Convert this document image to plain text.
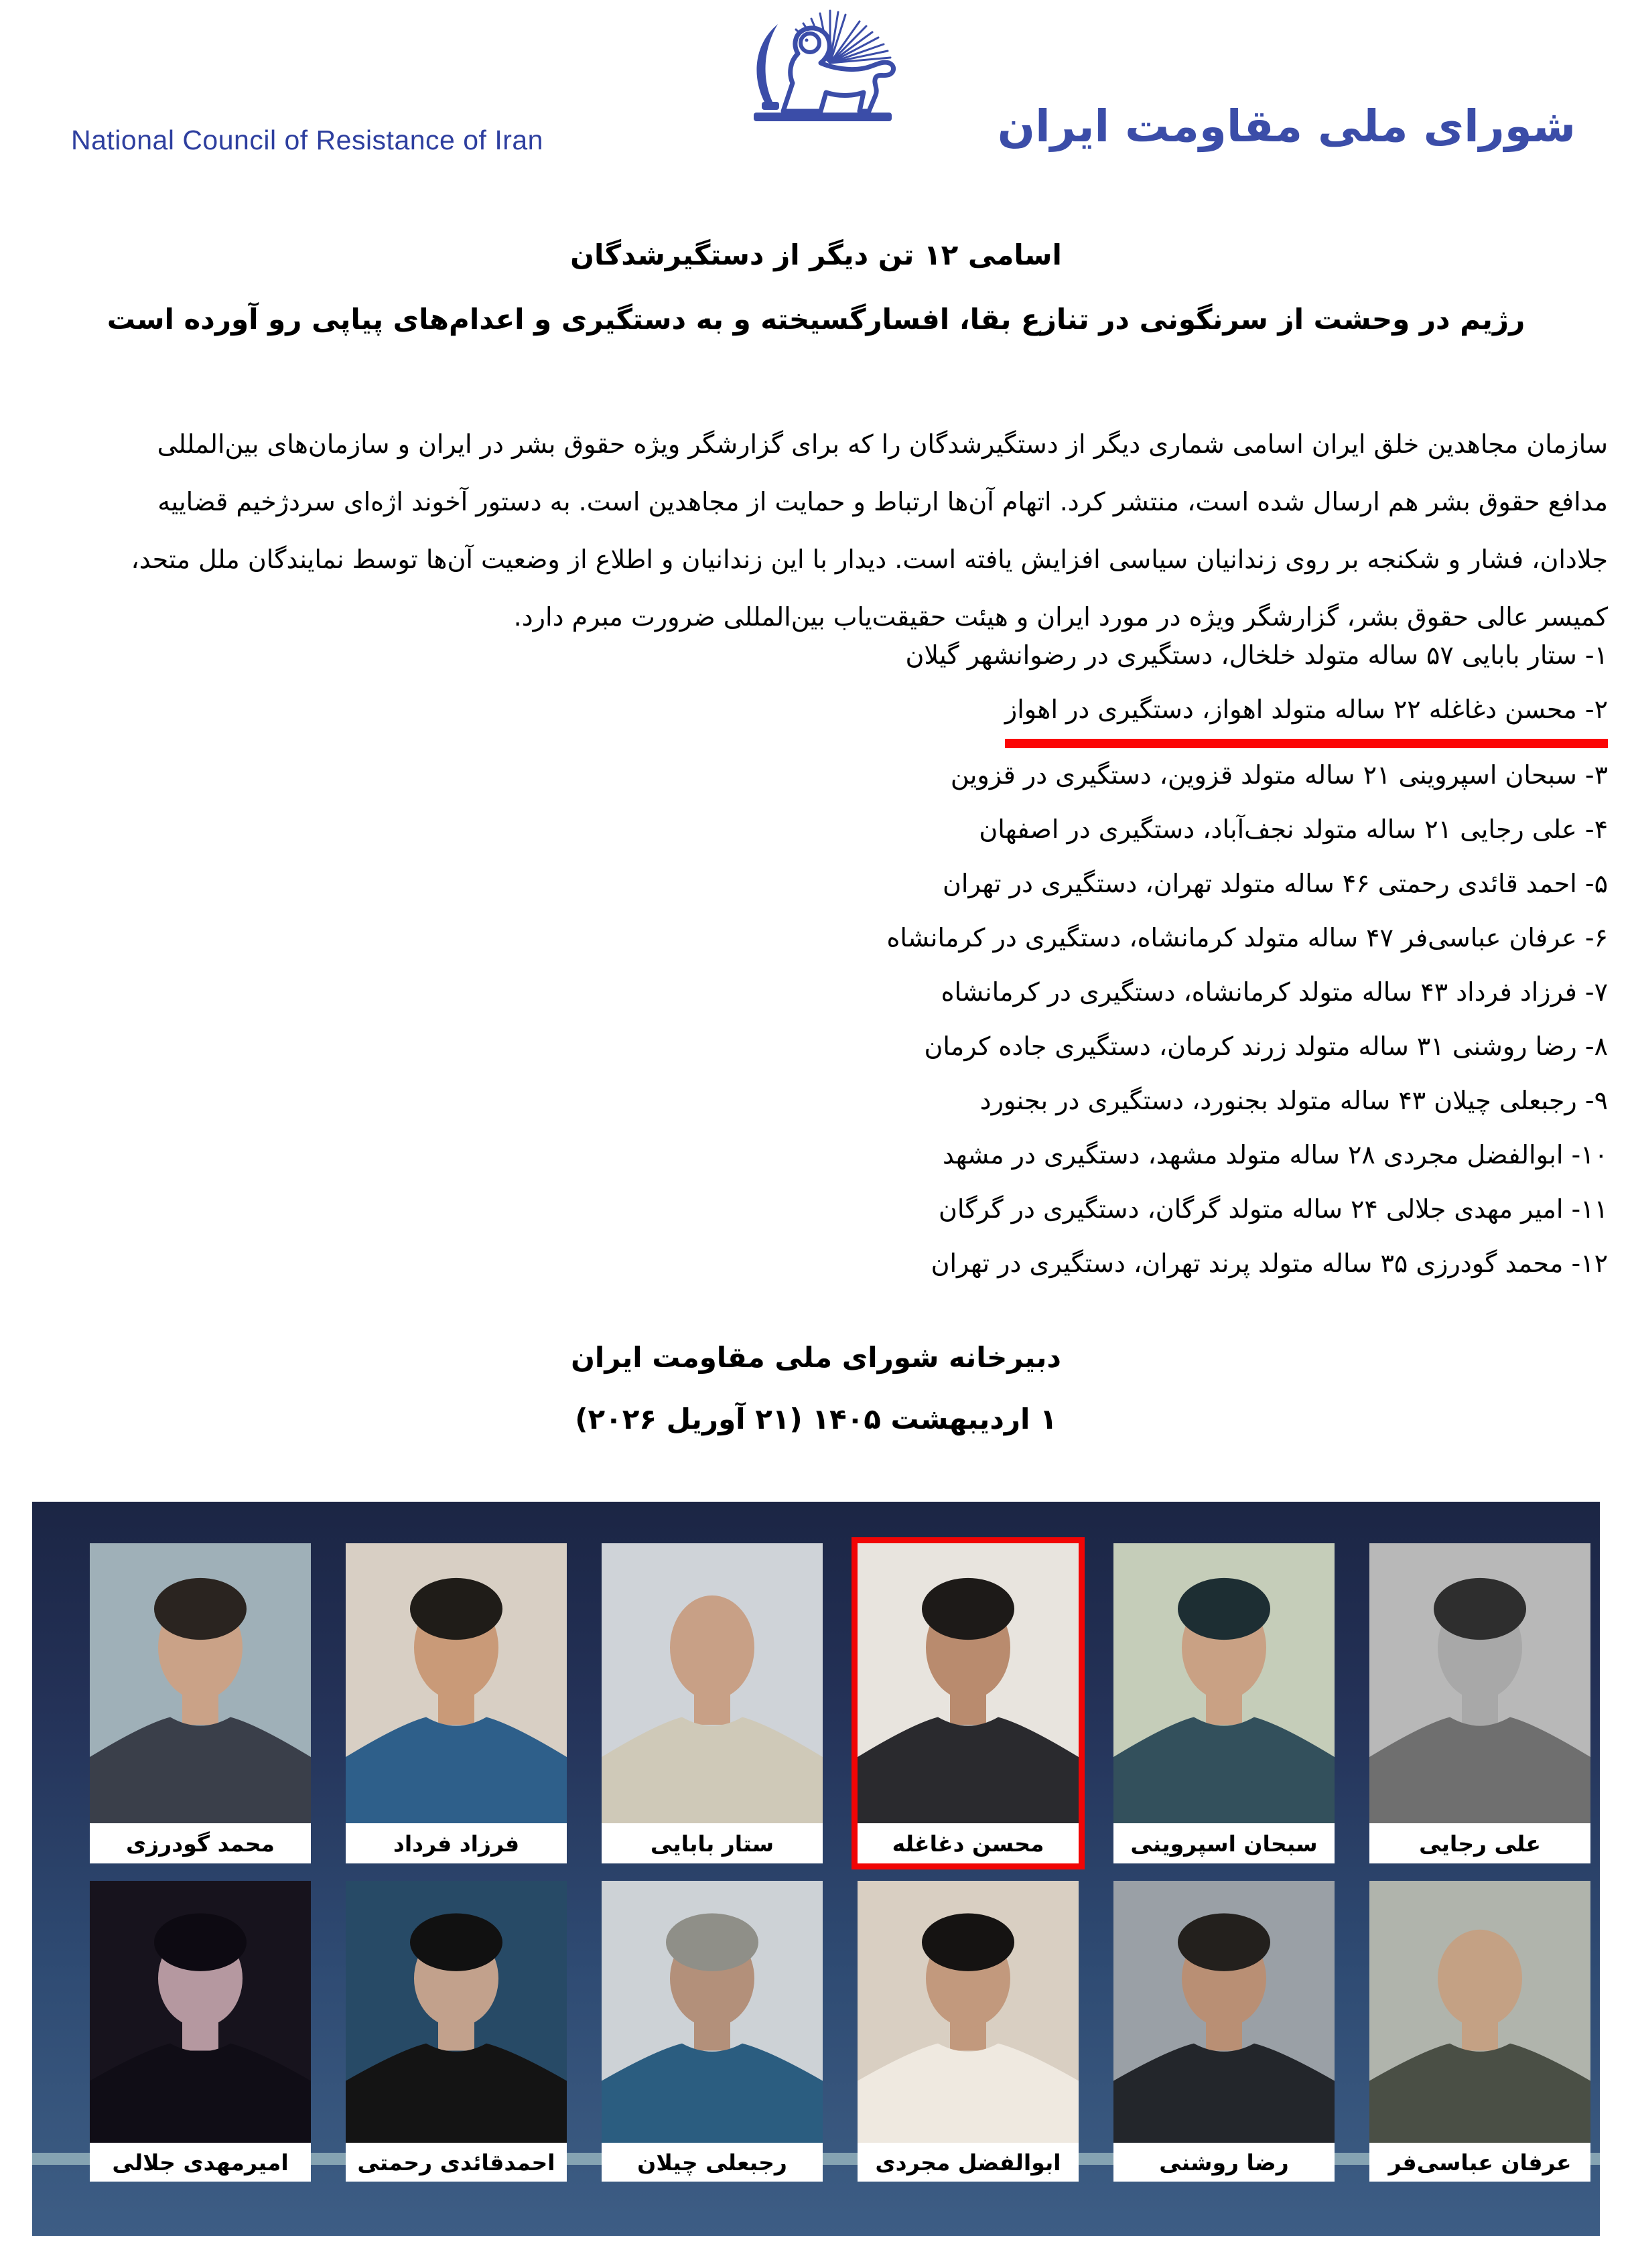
National Council of Resistance of Iran	شورای ملی مقاومت ایران
اسامی ۱۲ تن دیگر از دستگیرشدگان
رژیم در وحشت از سرنگونی در تنازع بقا، افسارگسیخته و به دستگیری و اعدام‌های پیاپی رو آورده است
سازمان مجاهدین خلق ایران اسامی شماری دیگر از دستگیرشدگان را که برای گزارشگر ویژه حقوق بشر در ایران و سازمان‌های بین‌المللی
مدافع حقوق بشر هم ارسال شده است، منتشر کرد. اتهام آن‌ها ارتباط و حمایت از مجاهدین است. به دستور آخوند اژه‌ای سردژخیم قضاییه
جلادان، فشار و شکنجه بر روی زندانیان سیاسی افزایش یافته است. دیدار با این زندانیان و اطلاع از وضعیت آن‌ها توسط نمایندگان ملل متحد،
کمیسر عالی حقوق بشر، گزارشگر ویژه در مورد ایران و هیئت حقیقت‌یاب بین‌المللی ضرورت مبرم دارد.
۱- ستار بابایی ۵۷ ساله متولد خلخال، دستگیری در رضوانشهر گیلان
۲- محسن دغاغله ۲۲ ساله متولد اهواز، دستگیری در اهواز
۳- سبحان اسپروینی ۲۱ ساله متولد قزوین، دستگیری در قزوین
۴- علی رجایی ۲۱ ساله متولد نجف‌آباد، دستگیری در اصفهان
۵- احمد قائدی رحمتی ۴۶ ساله متولد تهران، دستگیری در تهران
۶- عرفان عباسی‌فر ۴۷ ساله متولد کرمانشاه، دستگیری در کرمانشاه
۷- فرزاد فرداد ۴۳ ساله متولد کرمانشاه، دستگیری در کرمانشاه
۸- رضا روشنی ۳۱ ساله متولد زرند کرمان، دستگیری جاده کرمان
۹- رجبعلی چیلان ۴۳ ساله متولد بجنورد، دستگیری در بجنورد
۱۰- ابوالفضل مجردی ۲۸ ساله متولد مشهد، دستگیری در مشهد
۱۱- امیر مهدی جلالی ۲۴ ساله متولد گرگان، دستگیری در گرگان
۱۲- محمد گودرزی ۳۵ ساله متولد پرند تهران، دستگیری در تهران
دبیرخانه شورای ملی مقاومت ایران
۱ اردیبهشت ۱۴۰۵ (۲۱ آوریل ۲۰۲۶)
محمد گودرزی	فرزاد فرداد	ستار بابایی	محسن دغاغله	سبحان اسپروینی	علی رجایی
امیرمهدی جلالی	احمدقائدی رحمتی	رجبعلی چیلان	ابوالفضل مجردی	رضا روشنی	عرفان عباسی‌فر
